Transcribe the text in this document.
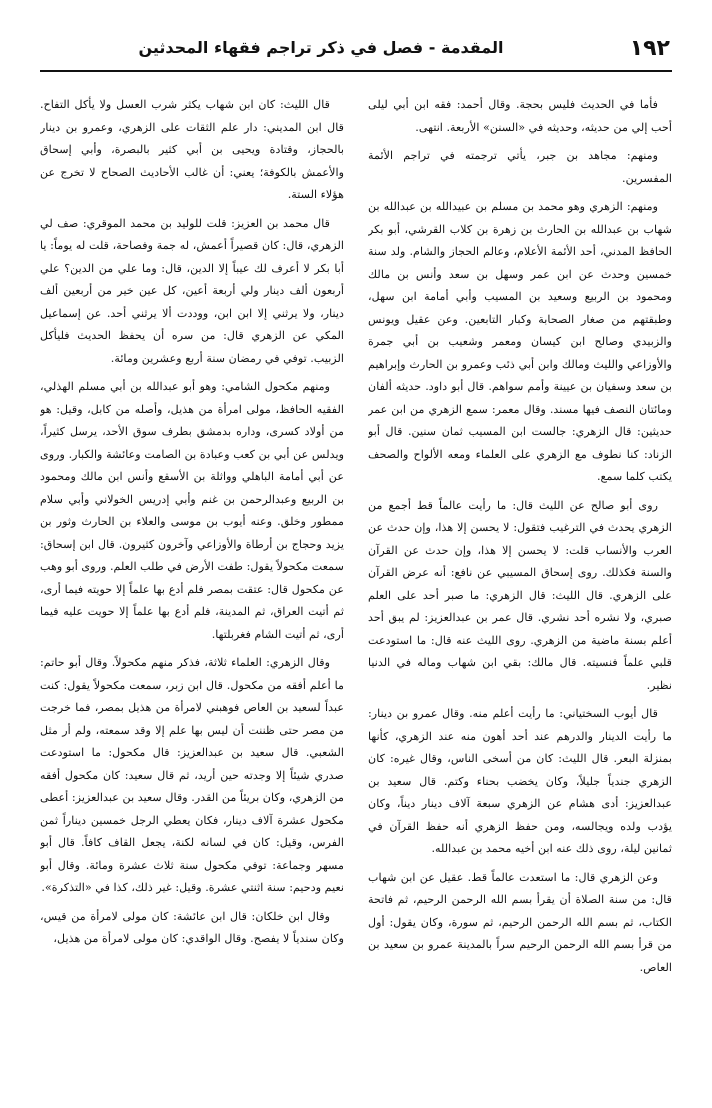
١٩٢
المقدمة - فصل في ذكر تراجم فقهاء المحدثين

فأما في الحديث فليس بحجة. وقال أحمد: فقه ابن أبي ليلى أحب إلي من حديثه، وحديثه في «السنن» الأربعة. انتهى.

ومنهم: مجاهد بن جبر، يأتي ترجمته في تراجم الأئمة المفسرين.

ومنهم: الزهري وهو محمد بن مسلم بن عبيدالله بن عبدالله بن شهاب بن عبدالله بن الحارث بن زهرة بن كلاب القرشي، أبو بكر الحافظ المدني، أحد الأئمة الأعلام، وعالم الحجاز والشام. ولد سنة خمسين وحدث عن ابن عمر وسهل بن سعد وأنس بن مالك ومحمود بن الربيع وسعيد بن المسيب وأبي أمامة ابن سهل، وطبقتهم من صغار الصحابة وكبار التابعين. وعن عقيل ويونس والزبيدي وصالح ابن كيسان ومعمر وشعيب بن أبي جمرة والأوزاعي والليث ومالك وابن أبي ذئب وعمرو بن الحارث وإبراهيم بن سعد وسفيان بن عيينة وأمم سواهم. قال أبو داود. حديثه ألفان ومائتان النصف فيها مسند. وقال معمر: سمع الزهري من ابن عمر حديثين: قال الزهري: جالست ابن المسيب ثمان سنين. قال أبو الزناد: كنا نطوف مع الزهري على العلماء ومعه الألواح والصحف يكتب كلما سمع.

روى أبو صالح عن الليث قال: ما رأيت عالماً قط أجمع من الزهري يحدث في الترغيب فتقول: لا يحسن إلا هذا، وإن حدث عن العرب والأنساب قلت: لا يحسن إلا هذا، وإن حدث عن القرآن والسنة فكذلك. روى إسحاق المسيبي عن نافع: أنه عرض القرآن على الزهري. قال الليث: قال الزهري: ما صبر أحد على العلم صبري، ولا نشره أحد نشري. قال عمر بن عبدالعزيز: لم يبق أحد أعلم بسنة ماضية من الزهري. روى الليث عنه قال: ما استودعت قلبي علماً فنسيته. قال مالك: بقي ابن شهاب وماله في الدنيا نظير.

قال أيوب السختياني: ما رأيت أعلم منه. وقال عمرو بن دينار: ما رأيت الدينار والدرهم عند أحد أهون منه عند الزهري، كأنها بمنزلة البعر. قال الليث: كان من أسخى الناس، وقال غيره: كان الزهري جندياً جليلاً، وكان يخضب بحناء وكتم. قال سعيد بن عبدالعزيز: أدى هشام عن الزهري سبعة آلاف دينار ديناً، وكان يؤدب ولده ويجالسه، ومن حفظ الزهري أنه حفظ القرآن في ثمانين ليلة، روى ذلك عنه ابن أخيه محمد بن عبدالله.

وعن الزهري قال: ما استعدت عالماً قط. عقيل عن ابن شهاب قال: من سنة الصلاة أن يقرأ بسم الله الرحمن الرحيم، ثم فاتحة الكتاب، ثم بسم الله الرحمن الرحيم، ثم سورة، وكان يقول: أول من قرأ بسم الله الرحمن الرحيم سراً بالمدينة عمرو بن سعيد بن العاص.

قال الليث: كان ابن شهاب يكثر شرب العسل ولا يأكل التفاح. قال ابن المديني: دار علم الثقات على الزهري، وعمرو بن دينار بالحجاز، وقتادة ويحيى بن أبي كثير بالبصرة، وأبي إسحاق والأعمش بالكوفة؛ يعني: أن غالب الأحاديث الصحاح لا تخرج عن هؤلاء الستة.

قال محمد بن العزيز: قلت للوليد بن محمد الموقري: صف لي الزهري، قال: كان قصيراً أعمش، له جمة وفصاحة، قلت له يوماً: يا أبا بكر لا أعرف لك عيباً إلا الدين، قال: وما علي من الدين؟ علي أربعون ألف دينار ولي أربعة أعين، كل عين خير من أربعين ألف دينار، ولا يرثني إلا ابن ابن، ووددت ألا يرثني أحد. عن إسماعيل المكي عن الزهري قال: من سره أن يحفظ الحديث فليأكل الزبيب. توفي في رمضان سنة أربع وعشرين ومائة.

ومنهم مكحول الشامي: وهو أبو عبدالله بن أبي مسلم الهذلي، الفقيه الحافظ، مولى امرأة من هذيل، وأصله من كابل، وقيل: هو من أولاد كسرى، وداره بدمشق بطرف سوق الأحد، يرسل كثيراً، ويدلس عن أبي بن كعب وعبادة بن الصامت وعائشة والكبار. وروى عن أبي أمامة الباهلي وواثلة بن الأسقع وأنس ابن مالك ومحمود بن الربيع وعبدالرحمن بن غنم وأبي إدريس الخولاني وأبي سلام ممطور وخلق. وعنه أيوب بن موسى والعلاء بن الحارث وثور بن يزيد وحجاج بن أرطاة والأوزاعي وآخرون كثيرون. قال ابن إسحاق: سمعت مكحولاً يقول: طفت الأرض في طلب العلم. وروى أبو وهب عن مكحول قال: عتقت بمصر فلم أدع بها علماً إلا حويته فيما أرى، ثم أتيت العراق، ثم المدينة، فلم أدع بها علماً إلا حويت عليه فيما أرى، ثم أتيت الشام فغربلتها.

وقال الزهري: العلماء ثلاثة، فذكر منهم مكحولاً. وقال أبو حاتم: ما أعلم أفقه من مكحول. قال ابن زبر، سمعت مكحولاً يقول: كنت عبداً لسعيد بن العاص فوهبني لامرأة من هذيل بمصر، فما خرجت من مصر حتى ظننت أن ليس بها علم إلا وقد سمعته، ولم أر مثل الشعبي. قال سعيد بن عبدالعزيز: قال مكحول: ما استودعت صدري شيئاً إلا وجدته حين أريد، ثم قال سعيد: كان مكحول أفقه من الزهري، وكان بريئاً من القدر. وقال سعيد بن عبدالعزيز: أعطى مكحول عشرة آلاف دينار، فكان يعطي الرجل خمسين ديناراً ثمن الفرس، وقيل: كان في لسانه لكنة، يجعل القاف كافاً. قال أبو مسهر وجماعة: توفي مكحول سنة ثلاث عشرة ومائة. وقال أبو نعيم ودحيم: سنة اثنتي عشرة. وقيل: غير ذلك، كذا في «التذكرة».

وقال ابن خلكان: قال ابن عائشة: كان مولى لامرأة من قيس، وكان سندياً لا يفصح. وقال الواقدي: كان مولى لامرأة من هذيل،
